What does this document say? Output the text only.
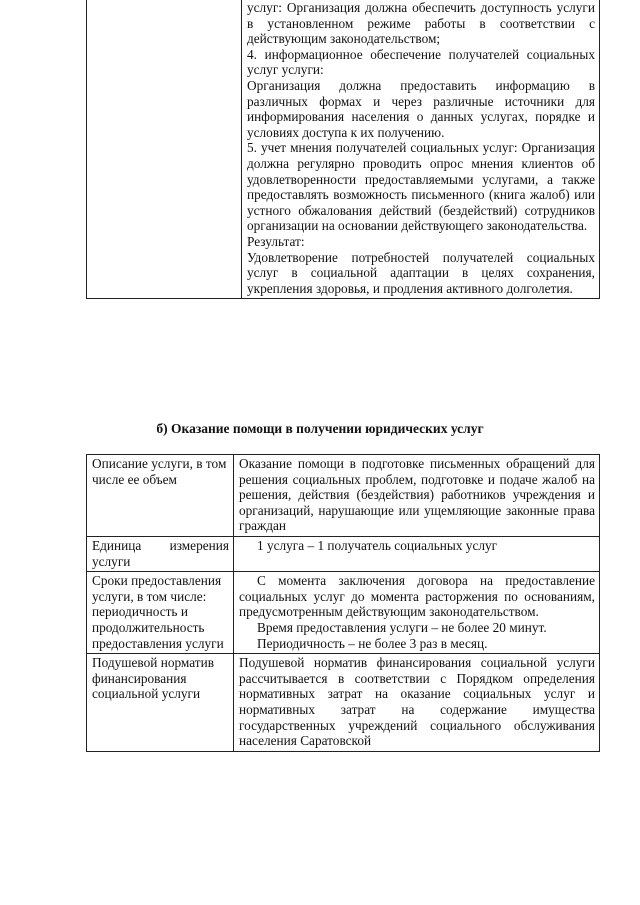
услуг: Организация должна обеспечить доступность услуги в установленном режиме работы в соответствии с действующим законодательством;

4. информационное обеспечение получателей социальных услуг услуги:

Организация должна предоставить информацию в различных формах и через различные источники для информирования населения о данных услугах, порядке и условиях доступа к их получению.

5. учет мнения получателей социальных услуг: Организация должна регулярно проводить опрос мнения клиентов об удовлетворенности предоставляемыми услугами, а также предоставлять возможность письменного (книга жалоб) или устного обжалования действий (бездействий) сотрудников организации на основании действующего законодательства.

Результат:

Удовлетворение потребностей получателей социальных услуг в социальной адаптации в целях сохранения, укрепления здоровья, и продления активного долголетия.

б) Оказание помощи в получении юридических услуг

Описание услуги, в том числе ее объем	Оказание помощи в подготовке письменных обращений для решения социальных проблем, подготовке и подаче жалоб на решения, действия (бездействия) работников учреждения и организаций, нарушающие или ущемляющие законные права граждан

Единица измерения услуги	1 услуга – 1 получатель социальных услуг

Сроки предоставления услуги, в том числе: периодичность и продолжительность предоставления услуги	С момента заключения договора на предоставление социальных услуг до момента расторжения по основаниям, предусмотренным действующим законодательством.

Время предоставления услуги – не более 20 минут.

Периодичность – не более 3 раз в месяц.

Подушевой норматив финансирования социальной услуги	Подушевой норматив финансирования социальной услуги рассчитывается в соответствии с Порядком определения нормативных затрат на оказание социальных услуг и нормативных затрат на содержание имущества государственных учреждений социального обслуживания населения Саратовской
